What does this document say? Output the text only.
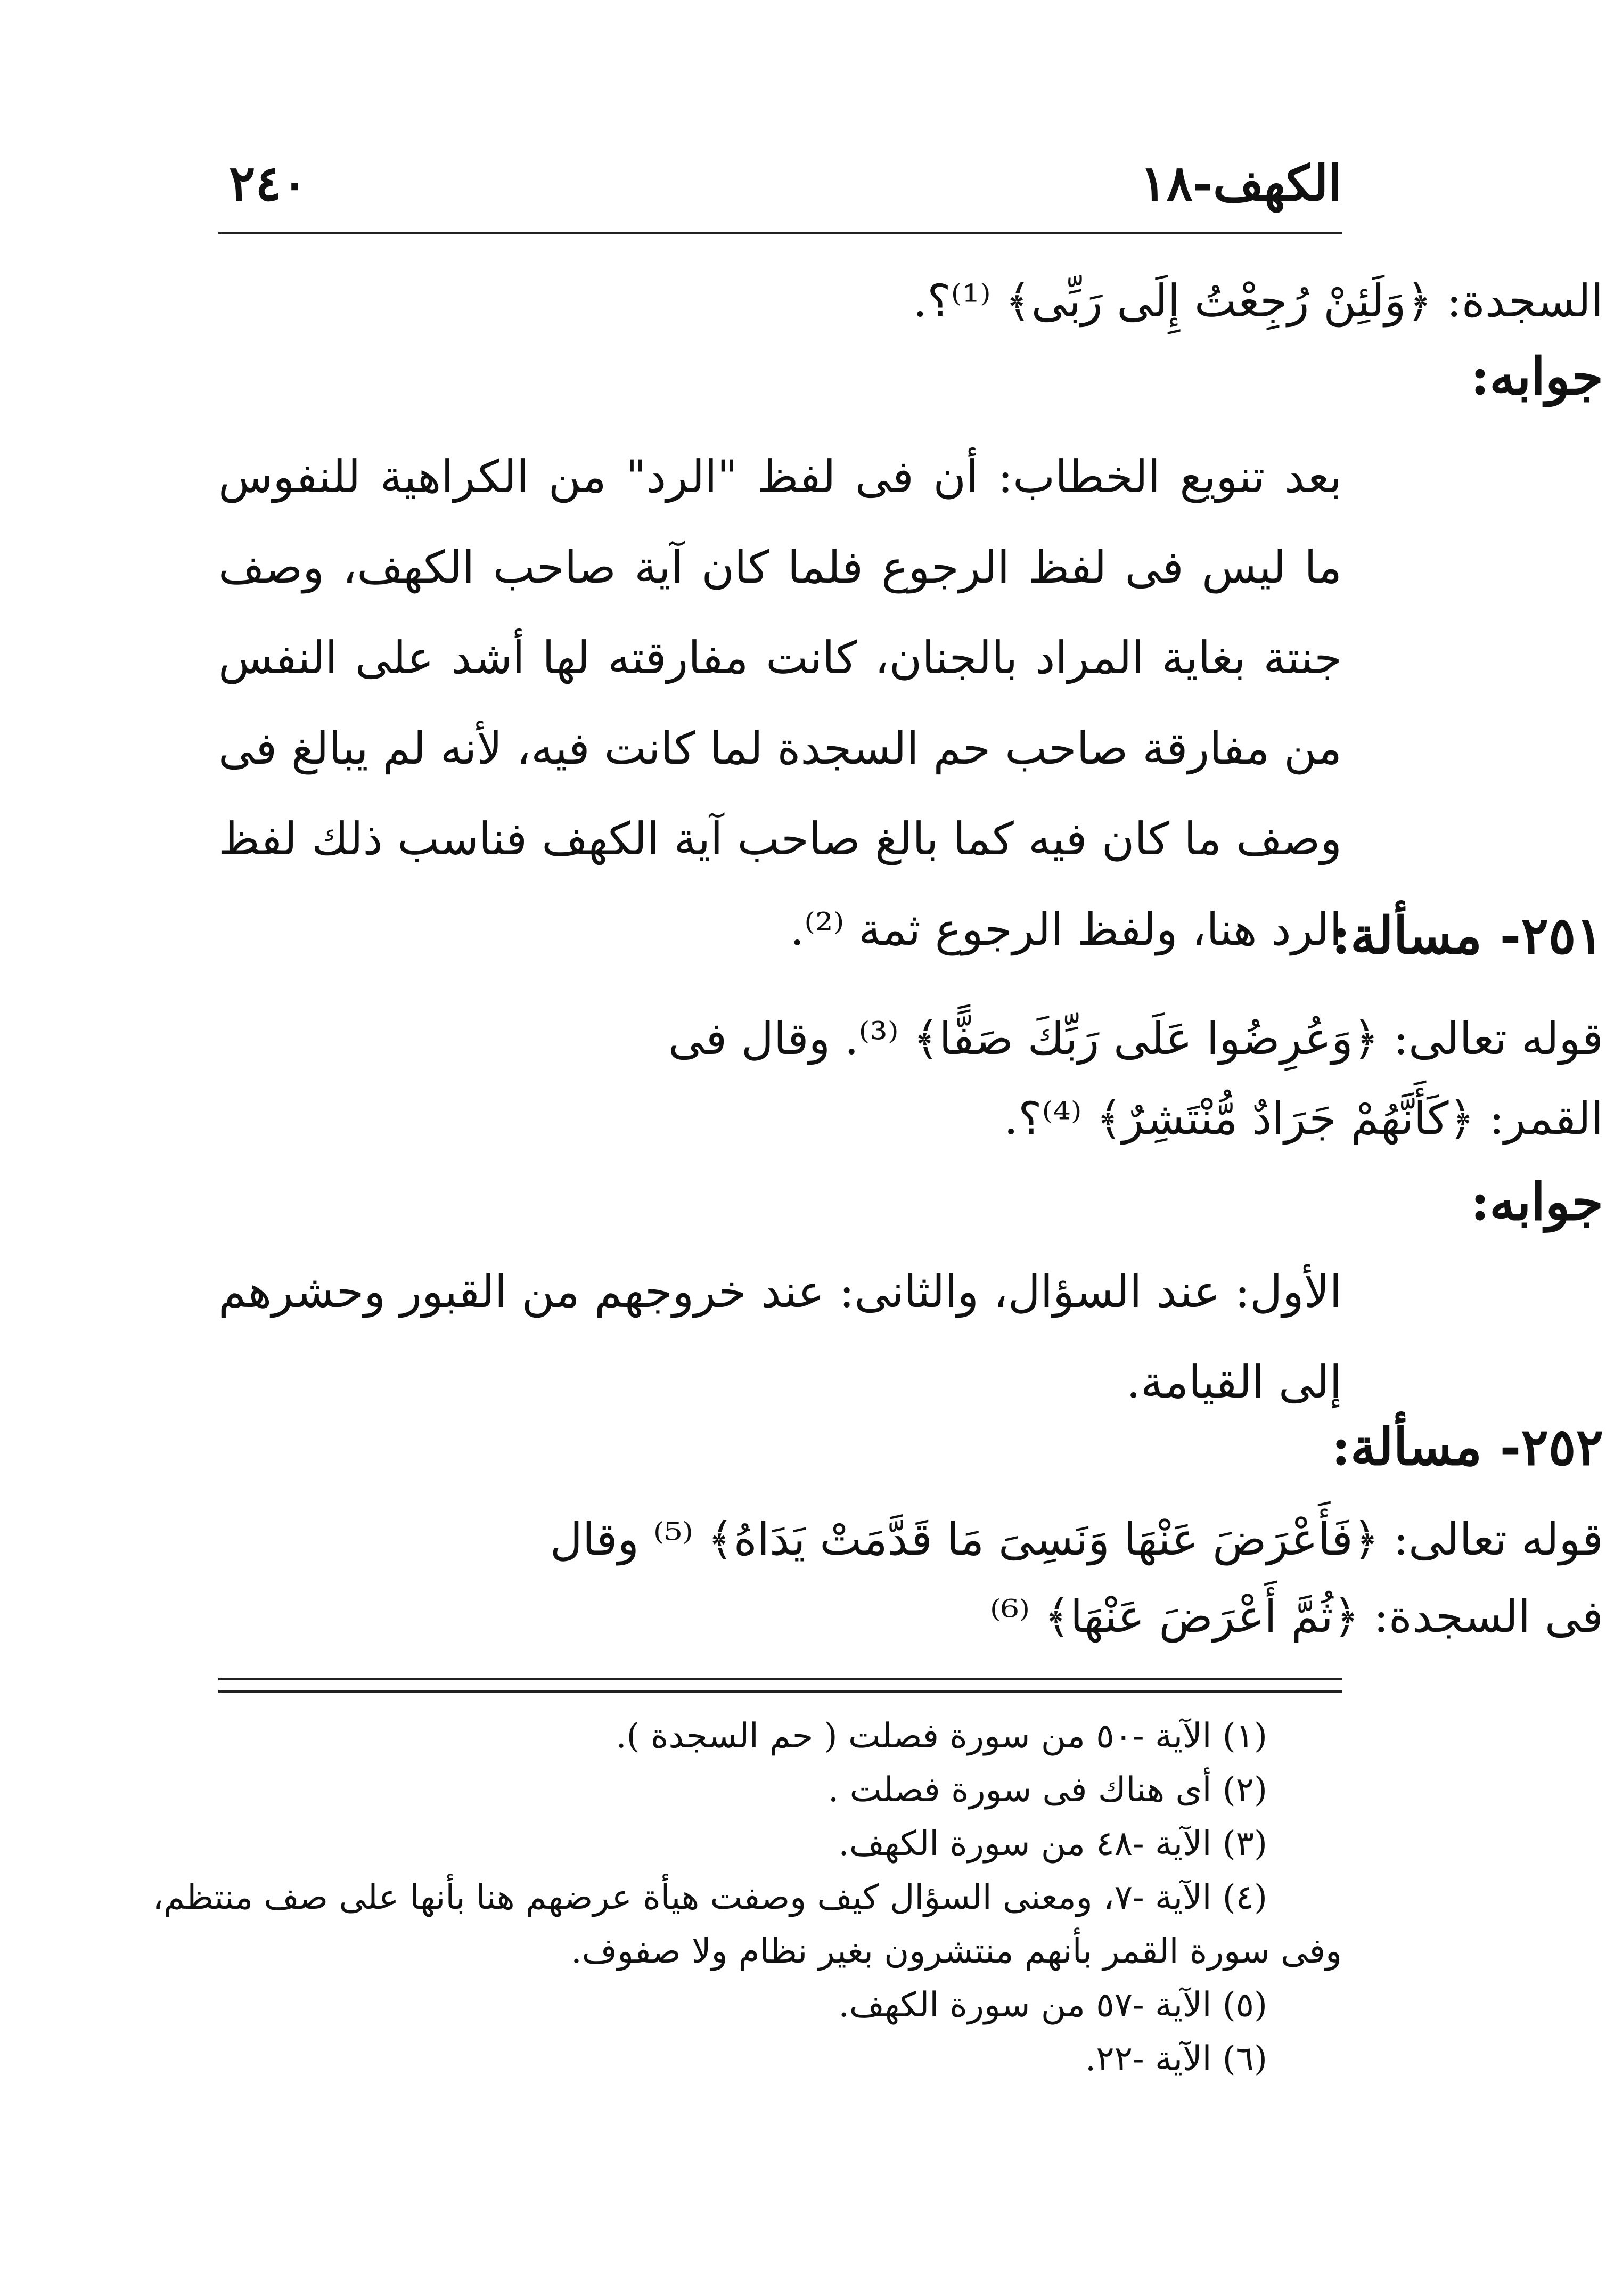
الكهف-١٨
٢٤٠
السجدة: ﴿وَلَئِنْ رُجِعْتُ إِلَى رَبِّى﴾ ⁽¹⁾؟.
جوابه:
بعد تنويع الخطاب: أن فى لفظ "الرد" من الكراهية للنفوس ما ليس فى لفظ الرجوع فلما كان آية صاحب الكهف، وصف جنتة بغاية المراد بالجنان، كانت مفارقته لها أشد على النفس من مفارقة صاحب حم السجدة لما كانت فيه، لأنه لم يبالغ فى وصف ما كان فيه كما بالغ صاحب آية الكهف فناسب ذلك لفظ الرد هنا، ولفظ الرجوع ثمة ⁽²⁾.
٢٥١- مسألة:
قوله تعالى: ﴿وَعُرِضُوا عَلَى رَبِّكَ صَفًّا﴾ ⁽³⁾. وقال فى
القمر: ﴿كَأَنَّهُمْ جَرَادٌ مُّنْتَشِرٌ﴾ ⁽⁴⁾؟.
جوابه:
الأول: عند السؤال، والثانى: عند خروجهم من القبور وحشرهم إلى القيامة.
٢٥٢- مسألة:
قوله تعالى: ﴿فَأَعْرَضَ عَنْهَا وَنَسِىَ مَا قَدَّمَتْ يَدَاهُ﴾ ⁽⁵⁾ وقال
فى السجدة: ﴿ثُمَّ أَعْرَضَ عَنْهَا﴾ ⁽⁶⁾
(١) الآية -٥٠ من سورة فصلت ( حم السجدة ).
(٢) أى هناك فى سورة فصلت .
(٣) الآية -٤٨ من سورة الكهف.
(٤) الآية -٧، ومعنى السؤال كيف وصفت هيأة عرضهم هنا بأنها على صف منتظم،
وفى سورة القمر بأنهم منتشرون بغير نظام ولا صفوف.
(٥) الآية -٥٧ من سورة الكهف.
(٦) الآية -٢٢.
